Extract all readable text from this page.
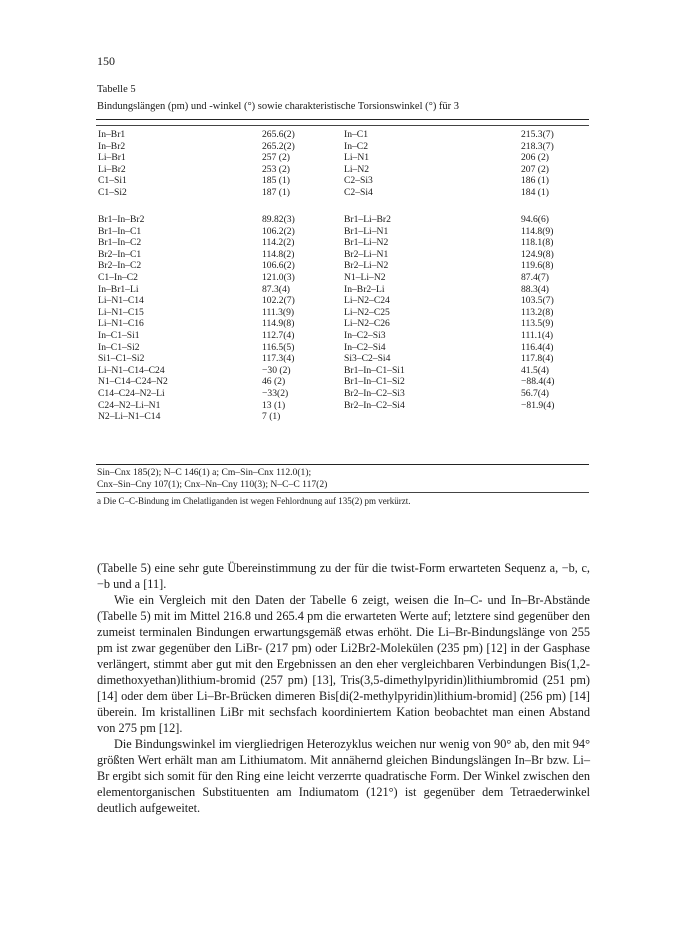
150
Tabelle 5
Bindungslängen (pm) und -winkel (°) sowie charakteristische Torsionswinkel (°) für 3
In–Br1	265.6(2)	In–C1	215.3(7)
In–Br2	265.2(2)	In–C2	218.3(7)
Li–Br1	257 (2)	Li–N1	206 (2)
Li–Br2	253 (2)	Li–N2	207 (2)
C1–Si1	185 (1)	C2–Si3	186 (1)
C1–Si2	187 (1)	C2–Si4	184 (1)
Br1–In–Br2	89.82(3)	Br1–Li–Br2	94.6(6)
Br1–In–C1	106.2(2)	Br1–Li–N1	114.8(9)
Br1–In–C2	114.2(2)	Br1–Li–N2	118.1(8)
Br2–In–C1	114.8(2)	Br2–Li–N1	124.9(8)
Br2–In–C2	106.6(2)	Br2–Li–N2	119.6(8)
C1–In–C2	121.0(3)	N1–Li–N2	87.4(7)
In–Br1–Li	87.3(4)	In–Br2–Li	88.3(4)
Li–N1–C14	102.2(7)	Li–N2–C24	103.5(7)
Li–N1–C15	111.3(9)	Li–N2–C25	113.2(8)
Li–N1–C16	114.9(8)	Li–N2–C26	113.5(9)
In–C1–Si1	112.7(4)	In–C2–Si3	111.1(4)
In–C1–Si2	116.5(5)	In–C2–Si4	116.4(4)
Si1–C1–Si2	117.3(4)	Si3–C2–Si4	117.8(4)
Li–N1–C14–C24	−30 (2)	Br1–In–C1–Si1	41.5(4)
N1–C14–C24–N2	46 (2)	Br1–In–C1–Si2	−88.4(4)
C14–C24–N2–Li	−33(2)	Br2–In–C2–Si3	56.7(4)
C24–N2–Li–N1	13 (1)	Br2–In–C2–Si4	−81.9(4)
N2–Li–N1–C14	7 (1)
Sin–Cnx 185(2); N–C 146(1) a; Cm–Sin–Cnx 112.0(1);
Cnx–Sin–Cny 107(1); Cnx–Nn–Cny 110(3); N–C–C 117(2)
a Die C–C-Bindung im Chelatliganden ist wegen Fehlordnung auf 135(2) pm verkürzt.

(Tabelle 5) eine sehr gute Übereinstimmung zu der für die twist-Form erwarteten Sequenz a, −b, c, −b und a [11].

Wie ein Vergleich mit den Daten der Tabelle 6 zeigt, weisen die In–C- und In–Br-Abstände (Tabelle 5) mit im Mittel 216.8 und 265.4 pm die erwarteten Werte auf; letztere sind gegenüber den zumeist terminalen Bindungen erwartungsgemäß etwas erhöht. Die Li–Br-Bindungslänge von 255 pm ist zwar gegenüber den LiBr- (217 pm) oder Li2Br2-Molekülen (235 pm) [12] in der Gasphase verlängert, stimmt aber gut mit den Ergebnissen an den eher vergleichbaren Verbindungen Bis(1,2-dimethoxyethan)lithium-bromid (257 pm) [13], Tris(3,5-dimethylpyridin)lithiumbromid (251 pm) [14] oder dem über Li–Br-Brücken dimeren Bis[di(2-methylpyridin)lithium-bromid] (256 pm) [14] überein. Im kristallinen LiBr mit sechsfach koordiniertem Kation beobachtet man einen Abstand von 275 pm [12].

Die Bindungswinkel im viergliedrigen Heterozyklus weichen nur wenig von 90° ab, den mit 94° größten Wert erhält man am Lithiumatom. Mit annähernd gleichen Bindungslängen In–Br bzw. Li–Br ergibt sich somit für den Ring eine leicht verzerrte quadratische Form. Der Winkel zwischen den elementorganischen Substituenten am Indiumatom (121°) ist gegenüber dem Tetraederwinkel deutlich aufgeweitet.
